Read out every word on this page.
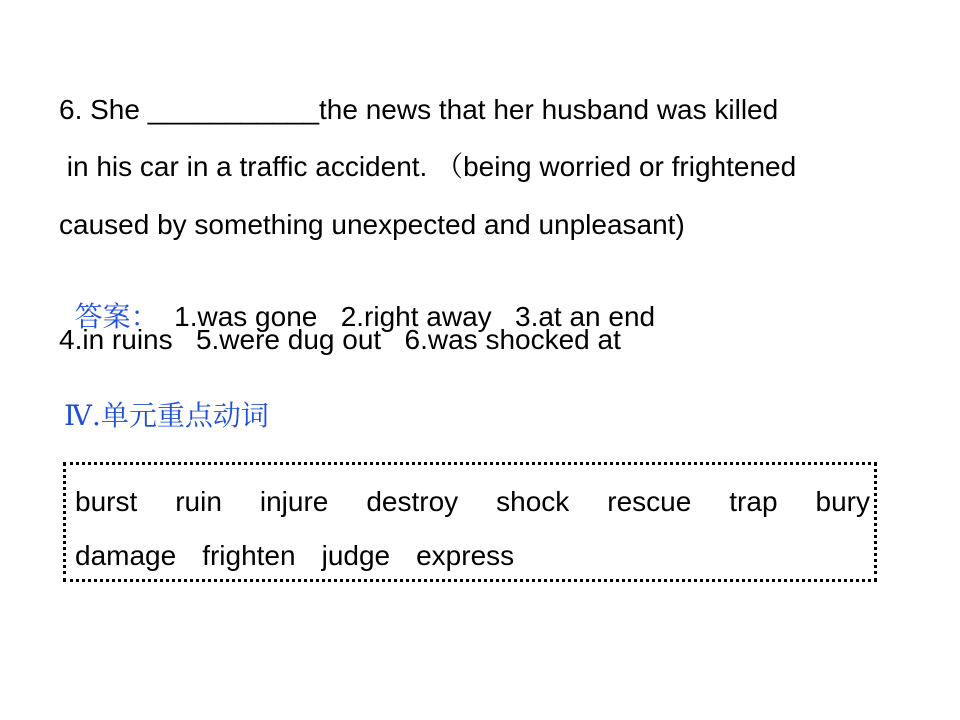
6. She ___________the news that her husband was killed
in his car in a traffic accident. （being worried or frightened
caused by something unexpected and unpleasant)

答案：  1.was gone   2.right away   3.at an end

4.in ruins   5.were dug out   6.was shocked at
Ⅳ.单元重点动词
burst ruin injure destroy shock rescue trap bury
damage frighten judge express
